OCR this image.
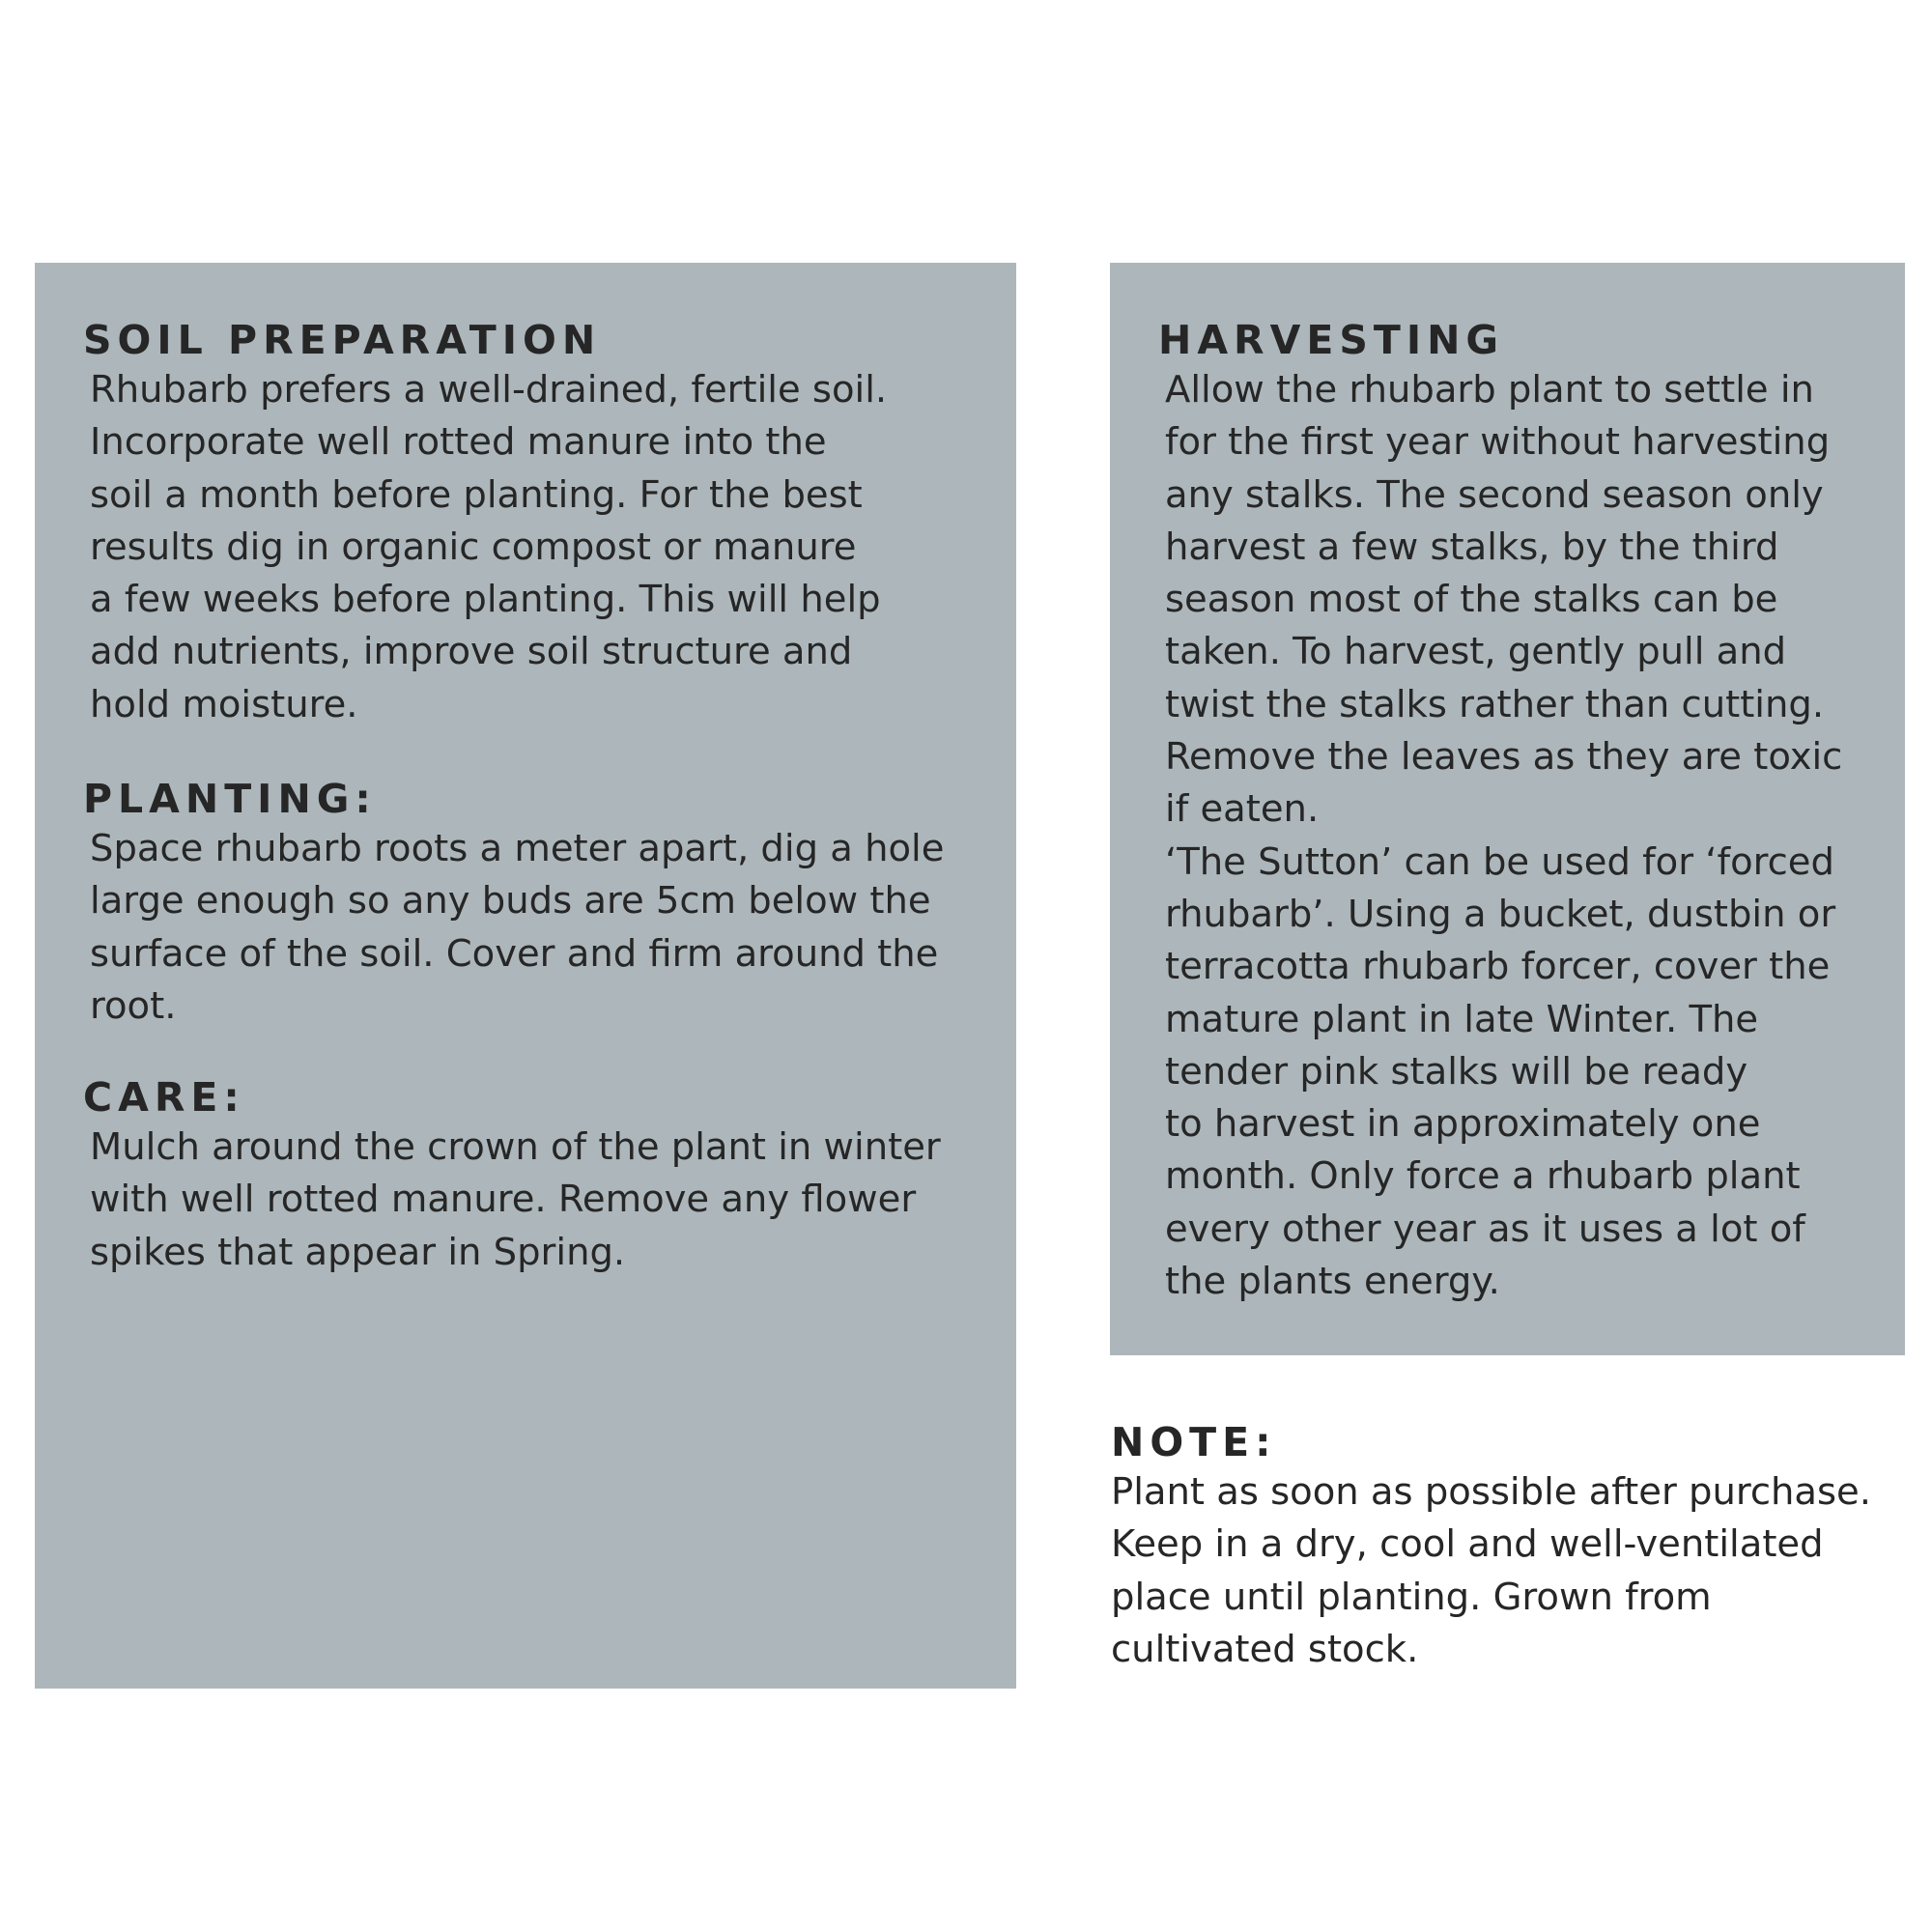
SOIL PREPARATION

Rhubarb prefers a well-drained, fertile soil.
Incorporate well rotted manure into the
soil a month before planting. For the best
results dig in organic compost or manure
a few weeks before planting. This will help
add nutrients, improve soil structure and
hold moisture.

PLANTING:

Space rhubarb roots a meter apart, dig a hole
large enough so any buds are 5cm below the
surface of the soil. Cover and firm around the
root.

CARE:

Mulch around the crown of the plant in winter
with well rotted manure. Remove any flower
spikes that appear in Spring.

HARVESTING

Allow the rhubarb plant to settle in
for the first year without harvesting
any stalks. The second season only
harvest a few stalks, by the third
season most of the stalks can be
taken. To harvest, gently pull and
twist the stalks rather than cutting.
Remove the leaves as they are toxic
if eaten.
‘The Sutton’ can be used for ‘forced
rhubarb’. Using a bucket, dustbin or
terracotta rhubarb forcer, cover the
mature plant in late Winter. The
tender pink stalks will be ready
to harvest in approximately one
month. Only force a rhubarb plant
every other year as it uses a lot of
the plants energy.

NOTE:

Plant as soon as possible after purchase.
Keep in a dry, cool and well-ventilated
place until planting. Grown from
cultivated stock.
